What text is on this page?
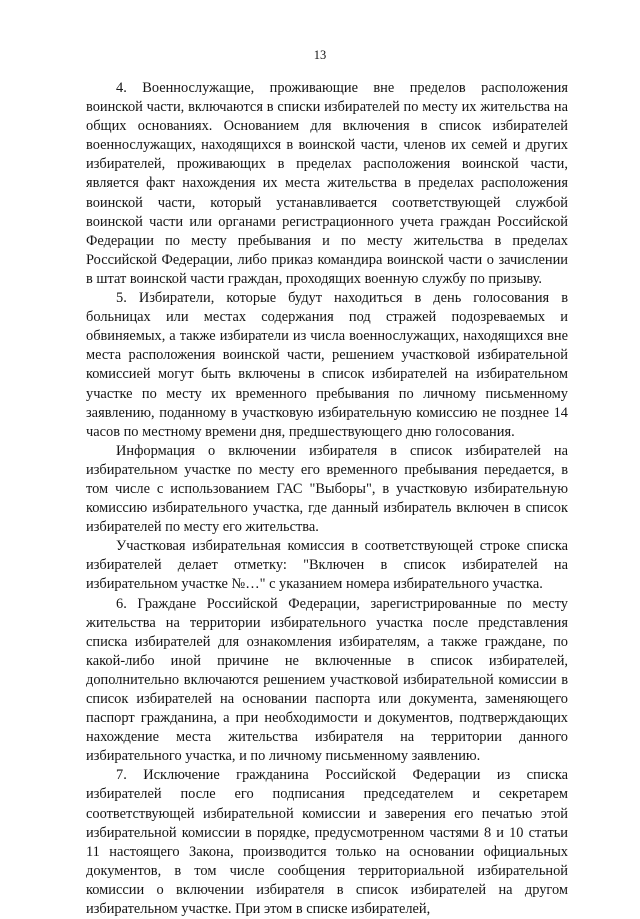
13

4. Военнослужащие, проживающие вне пределов расположения воинской части, включаются в списки избирателей по месту их жительства на общих основаниях. Основанием для включения в список избирателей военнослужащих, находящихся в воинской части, членов их семей и других избирателей, проживающих в пределах расположения воинской части, является факт нахождения их места жительства в пределах расположения воинской части, который устанавливается соответствующей службой воинской части или органами регистрационного учета граждан Российской Федерации по месту пребывания и по месту жительства в пределах Российской Федерации, либо приказ командира воинской части о зачислении в штат воинской части граждан, проходящих военную службу по призыву.

5. Избиратели, которые будут находиться в день голосования в больницах или местах содержания под стражей подозреваемых и обвиняемых, а также избиратели из числа военнослужащих, находящихся вне места расположения воинской части, решением участковой избирательной комиссией могут быть включены в список избирателей на избирательном участке по месту их временного пребывания по личному письменному заявлению, поданному в участковую избирательную комиссию не позднее 14 часов по местному времени дня, предшествующего дню голосования.

Информация о включении избирателя в список избирателей на избирательном участке по месту его временного пребывания передается, в том числе с использованием ГАС "Выборы", в участковую избирательную комиссию избирательного участка, где данный избиратель включен в список избирателей по месту его жительства.

Участковая избирательная комиссия в соответствующей строке списка избирателей делает отметку: "Включен в список избирателей на избирательном участке №…" с указанием номера избирательного участка.

6. Граждане Российской Федерации, зарегистрированные по месту жительства на территории избирательного участка после представления списка избирателей для ознакомления избирателям, а также граждане, по какой-либо иной причине не включенные в список избирателей, дополнительно включаются решением участковой избирательной комиссии в список избирателей на основании паспорта или документа, заменяющего паспорт гражданина, а при необходимости и документов, подтверждающих нахождение места жительства избирателя на территории данного избирательного участка, и по личному письменному заявлению.

7. Исключение гражданина Российской Федерации из списка избирателей после его подписания председателем и секретарем соответствующей избирательной комиссии и заверения его печатью этой избирательной комиссии в порядке, предусмотренном частями 8 и 10 статьи 11 настоящего Закона, производится только на основании официальных документов, в том числе сообщения территориальной избирательной комиссии о включении избирателя в список избирателей на другом избирательном участке. При этом в списке избирателей,
